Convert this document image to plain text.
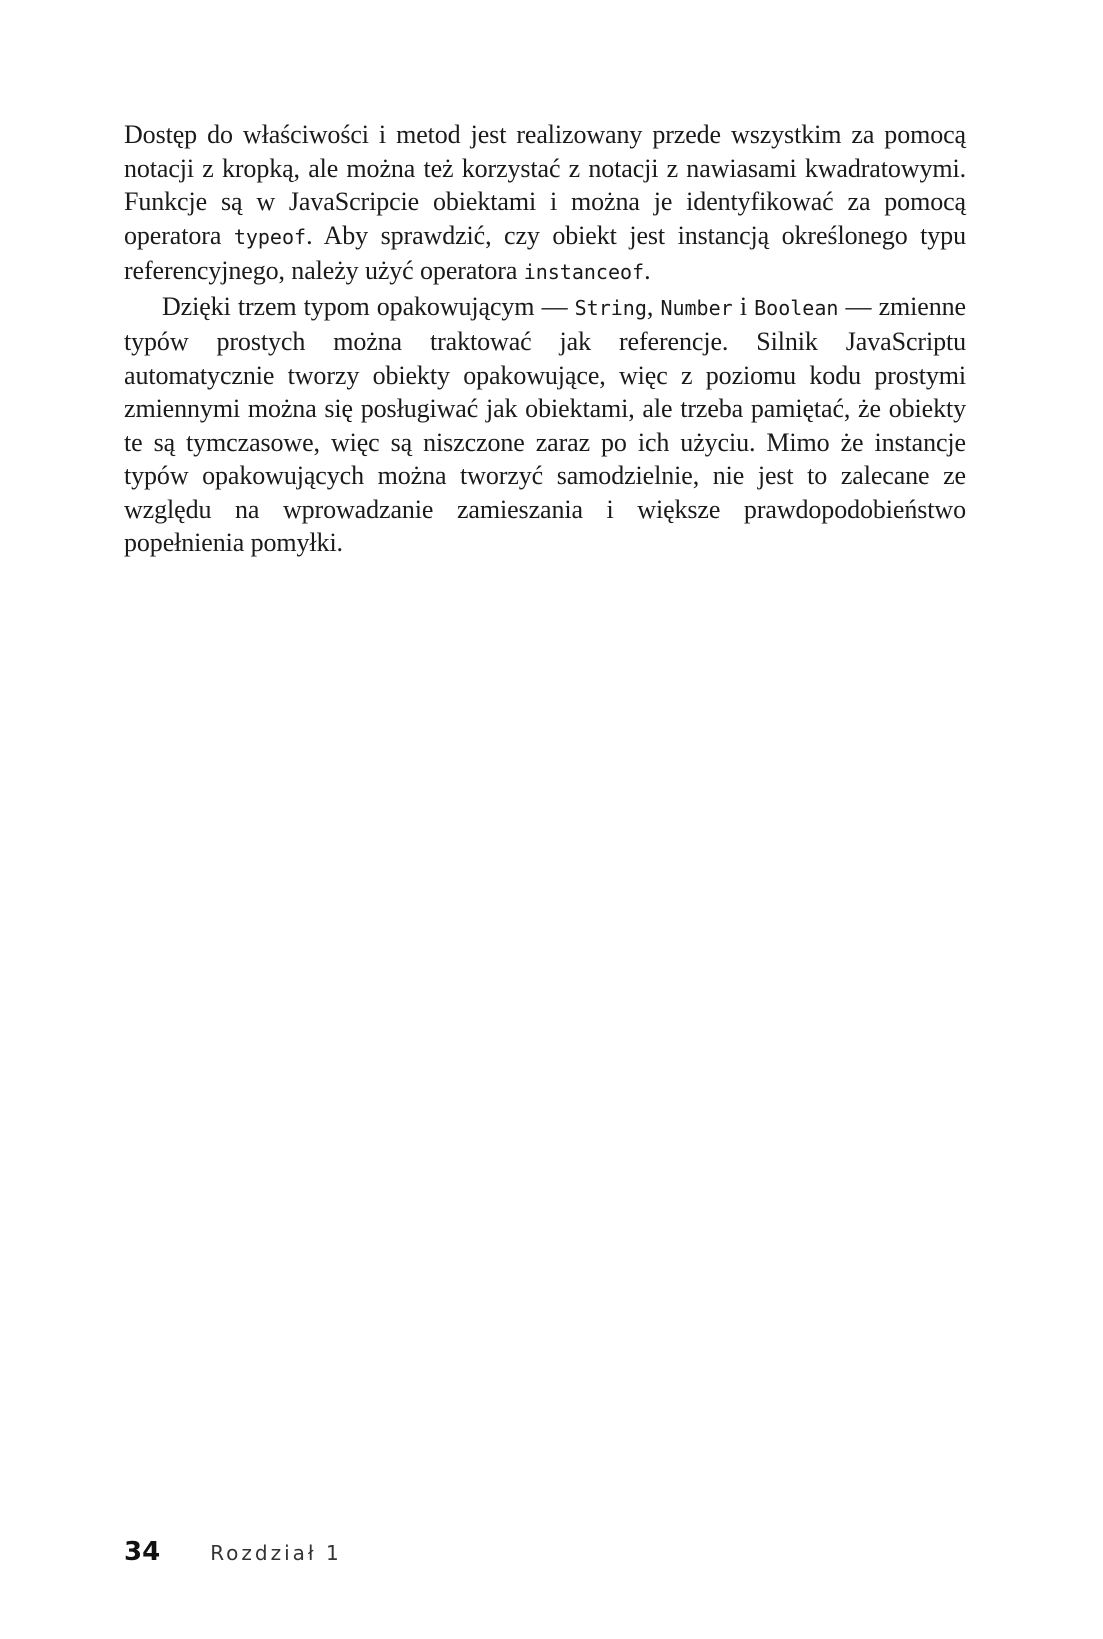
Dostęp do właściwości i metod jest realizowany przede wszystkim za pomocą notacji z kropką, ale można też korzystać z notacji z nawiasami kwadratowymi. Funkcje są w JavaScripcie obiektami i można je identyfikować za pomocą operatora typeof. Aby sprawdzić, czy obiekt jest instancją określonego typu referencyjnego, należy użyć operatora instanceof.

Dzięki trzem typom opakowującym — String, Number i Boolean — zmienne typów prostych można traktować jak referencje. Silnik JavaScriptu automatycznie tworzy obiekty opakowujące, więc z poziomu kodu prostymi zmiennymi można się posługiwać jak obiektami, ale trzeba pamiętać, że obiekty te są tymczasowe, więc są niszczone zaraz po ich użyciu. Mimo że instancje typów opakowujących można tworzyć samodzielnie, nie jest to zalecane ze względu na wprowadzanie zamieszania i większe prawdopodobieństwo popełnienia pomyłki.

34	Rozdział 1
